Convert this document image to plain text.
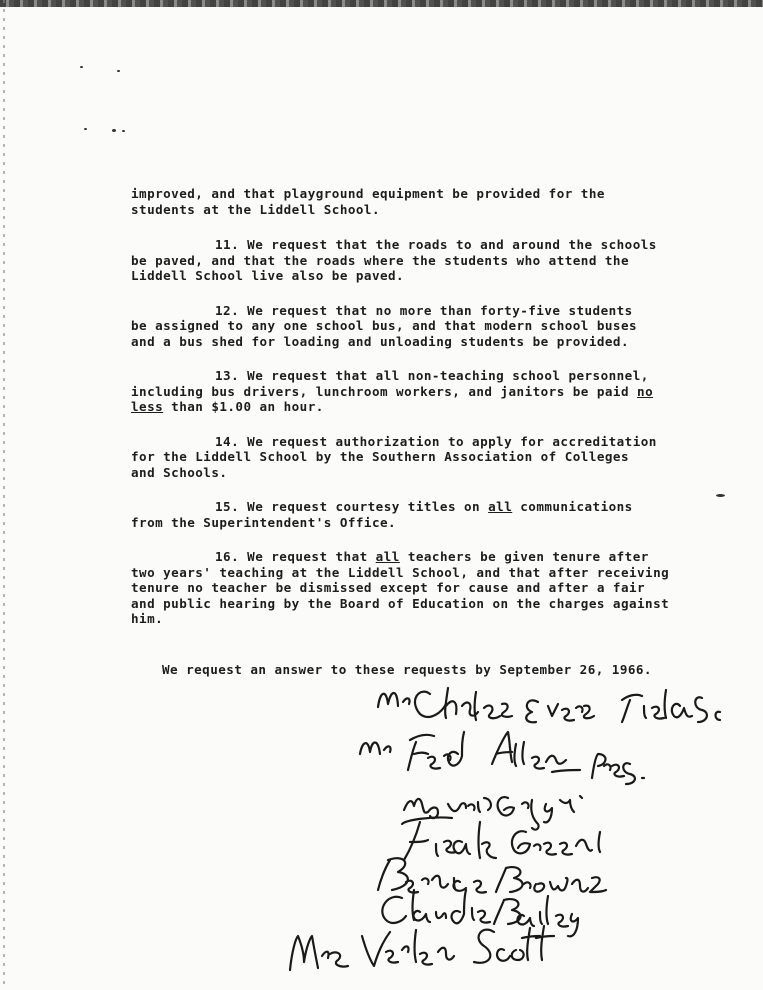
improved, and that playground equipment be provided for the
students at the Liddell School.

11. We request that the roads to and around the schools
be paved, and that the roads where the students who attend the
Liddell School live also be paved.

12. We request that no more than forty-five students
be assigned to any one school bus, and that modern school buses
and a bus shed for loading and unloading students be provided.

13. We request that all non-teaching school personnel,
including bus drivers, lunchroom workers, and janitors be paid no
less than $1.00 an hour.

14. We request authorization to apply for accreditation
for the Liddell School by the Southern Association of Colleges
and Schools.

15. We request courtesy titles on all communications
from the Superintendent's Office.

16. We request that all teachers be given tenure after
two years' teaching at the Liddell School, and that after receiving
tenure no teacher be dismissed except for cause and after a fair
and public hearing by the Board of Education on the charges against
him.

We request an answer to these requests by September 26, 1966.
